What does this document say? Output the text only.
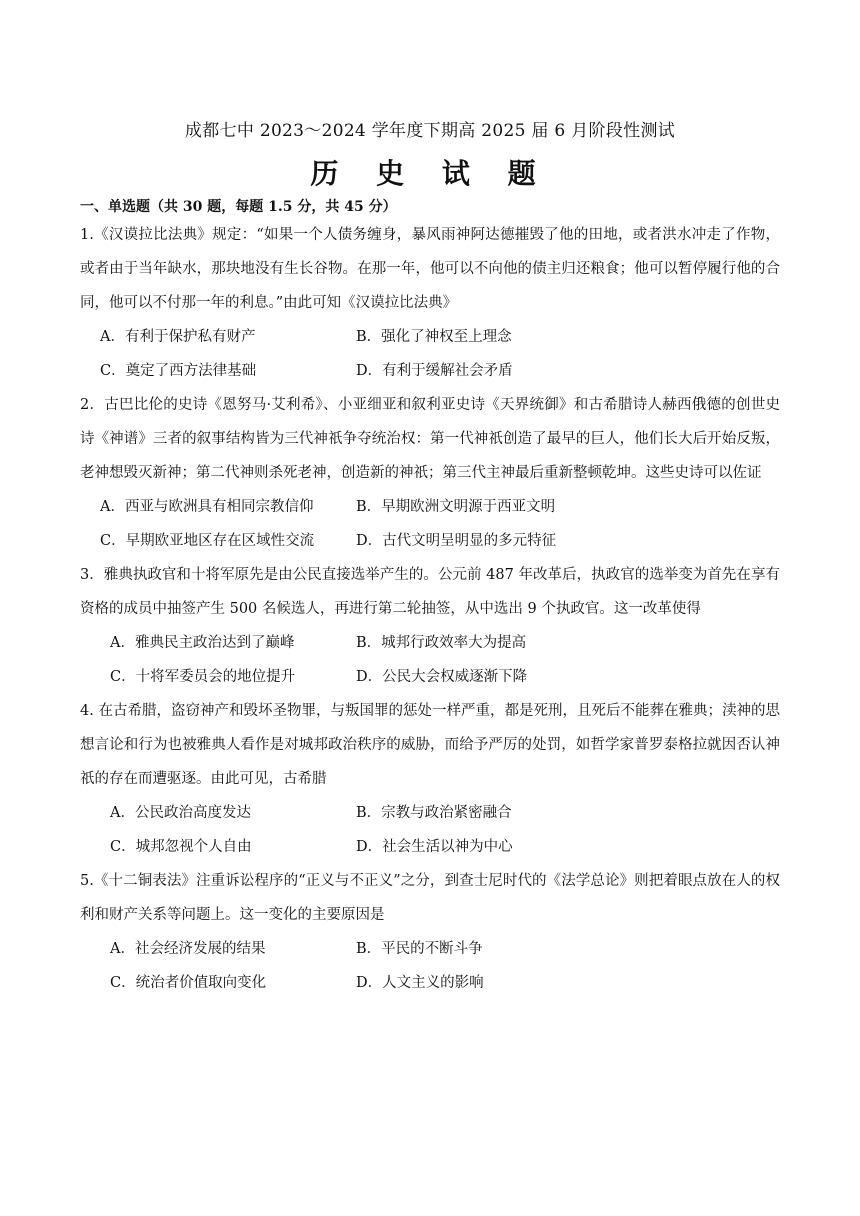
成都七中 2023～2024 学年度下期高 2025 届 6 月阶段性测试
历 史 试 题
一、单选题（共 30 题，每题 1.5 分，共 45 分）

1.《汉谟拉比法典》规定：“如果一个人债务缠身，暴风雨神阿达德摧毁了他的田地，或者洪水冲走了作物，或者由于当年缺水，那块地没有生长谷物。在那一年，他可以不向他的债主归还粮食；他可以暂停履行他的合同，他可以不付那一年的利息。”由此可知《汉谟拉比法典》

A．有利于保护私有财产	B．强化了神权至上理念
C．奠定了西方法律基础	D．有利于缓解社会矛盾

2．古巴比伦的史诗《恩努马·艾利希》、小亚细亚和叙利亚史诗《天界统御》和古希腊诗人赫西俄德的创世史诗《神谱》三者的叙事结构皆为三代神祇争夺统治权：第一代神祇创造了最早的巨人，他们长大后开始反叛，老神想毁灭新神；第二代神则杀死老神，创造新的神祇；第三代主神最后重新整顿乾坤。这些史诗可以佐证

A．西亚与欧洲具有相同宗教信仰	B．早期欧洲文明源于西亚文明
C．早期欧亚地区存在区域性交流	D．古代文明呈明显的多元特征

3．雅典执政官和十将军原先是由公民直接选举产生的。公元前 487 年改革后，执政官的选举变为首先在享有资格的成员中抽签产生 500 名候选人，再进行第二轮抽签，从中选出 9 个执政官。这一改革使得

A．雅典民主政治达到了巅峰	B．城邦行政效率大为提高
C．十将军委员会的地位提升	D．公民大会权威逐渐下降

4. 在古希腊，盗窃神产和毁坏圣物罪，与叛国罪的惩处一样严重，都是死刑，且死后不能葬在雅典；渎神的思想言论和行为也被雅典人看作是对城邦政治秩序的威胁，而给予严厉的处罚，如哲学家普罗泰格拉就因否认神祇的存在而遭驱逐。由此可见，古希腊

A．公民政治高度发达	B．宗教与政治紧密融合
C．城邦忽视个人自由	D．社会生活以神为中心

5.《十二铜表法》注重诉讼程序的“正义与不正义”之分，到查士尼时代的《法学总论》则把着眼点放在人的权利和财产关系等问题上。这一变化的主要原因是

A．社会经济发展的结果	B．平民的不断斗争
C．统治者价值取向变化	D．人文主义的影响
